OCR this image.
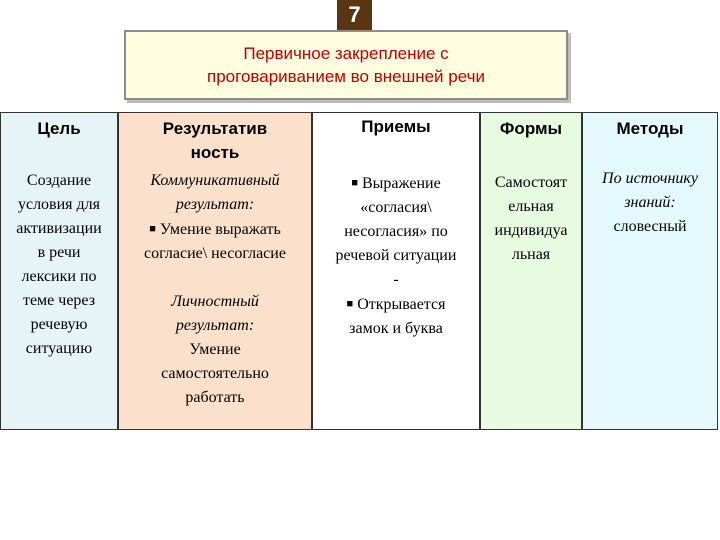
7
Первичное закрепление с
проговариванием во внешней речи
Цель
Создание
условия для
активизации
в речи
лексики по
теме через
речевую
ситуацию
Результатив
ность
Коммуникативный
результат:
■ Умение выражать
согласие\ несогласие
Личностный
результат:
Умение
самостоятельно
работать
Приемы
■ Выражение
«согласия\
несогласия» по
речевой ситуации
-
■ Открывается
замок и буква
Формы
Самостоят
ельная
индивидуа
льная
Методы
По источнику
знаний:
словесный
